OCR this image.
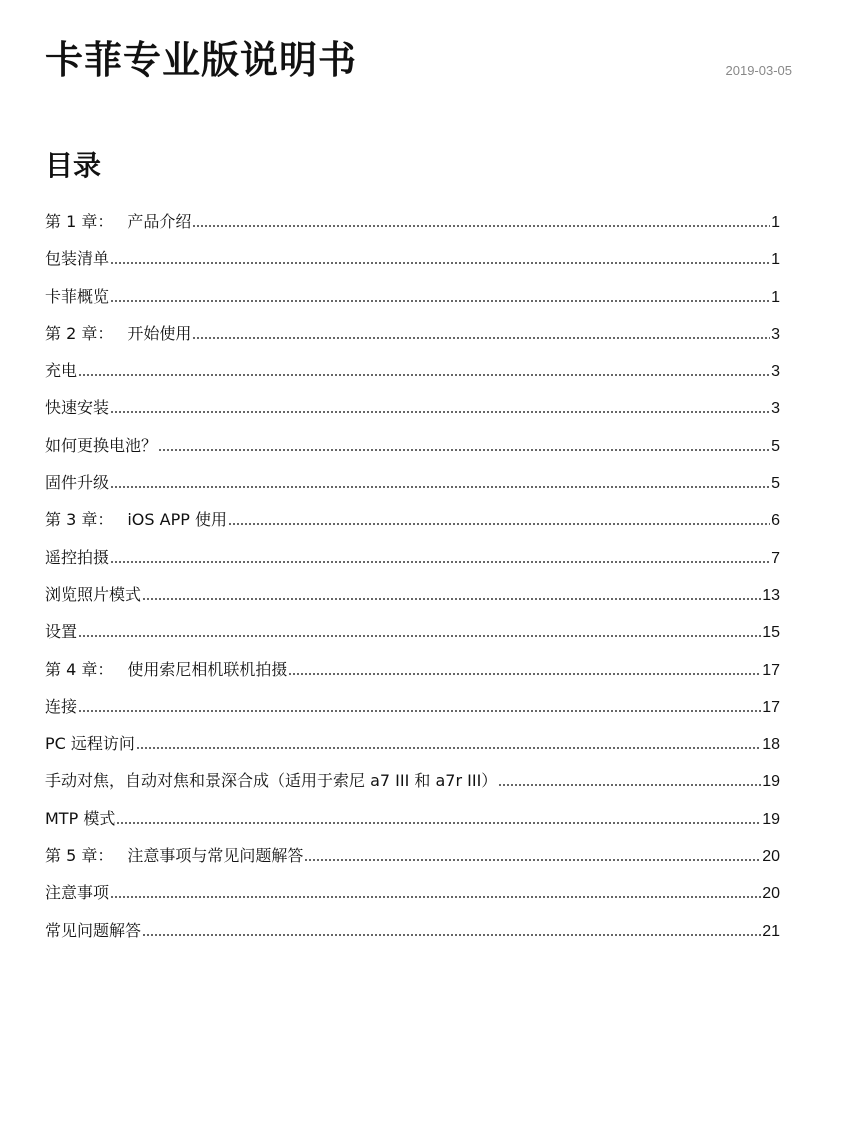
卡菲专业版说明书	2019-03-05
目录
第 1 章： 产品介绍	1
包装清单	1
卡菲概览	1
第 2 章： 开始使用	3
充电	3
快速安装	3
如何更换电池？	5
固件升级	5
第 3 章： iOS APP 使用	6
遥控拍摄	7
浏览照片模式	13
设置	15
第 4 章： 使用索尼相机联机拍摄	17
连接	17
PC 远程访问	18
手动对焦，自动对焦和景深合成（适用于索尼 a7 III 和 a7r III）	19
MTP 模式	19
第 5 章： 注意事项与常见问题解答	20
注意事项	20
常见问题解答	21
